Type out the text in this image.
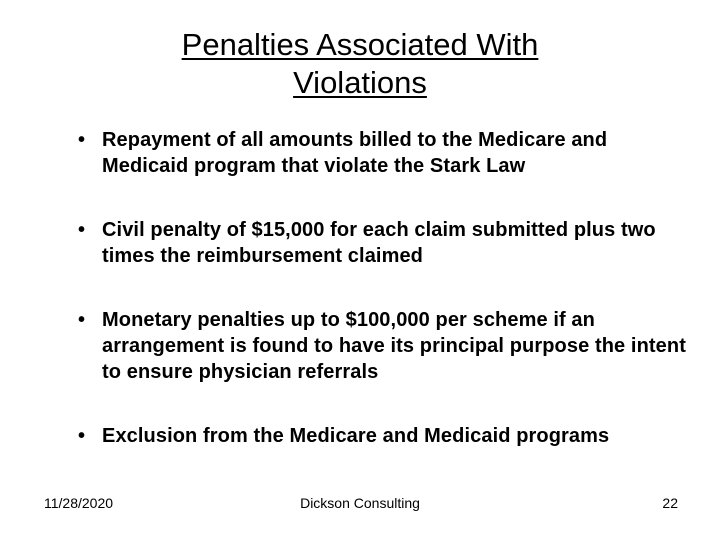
Penalties Associated With
Violations
• Repayment of all amounts billed to the Medicare and Medicaid program that violate the Stark Law
• Civil penalty of $15,000 for each claim submitted plus two times the reimbursement claimed
• Monetary penalties up to $100,000 per scheme if an arrangement is found to have its principal purpose the intent to ensure physician referrals
• Exclusion from the Medicare and Medicaid programs
11/28/2020	Dickson Consulting	22
